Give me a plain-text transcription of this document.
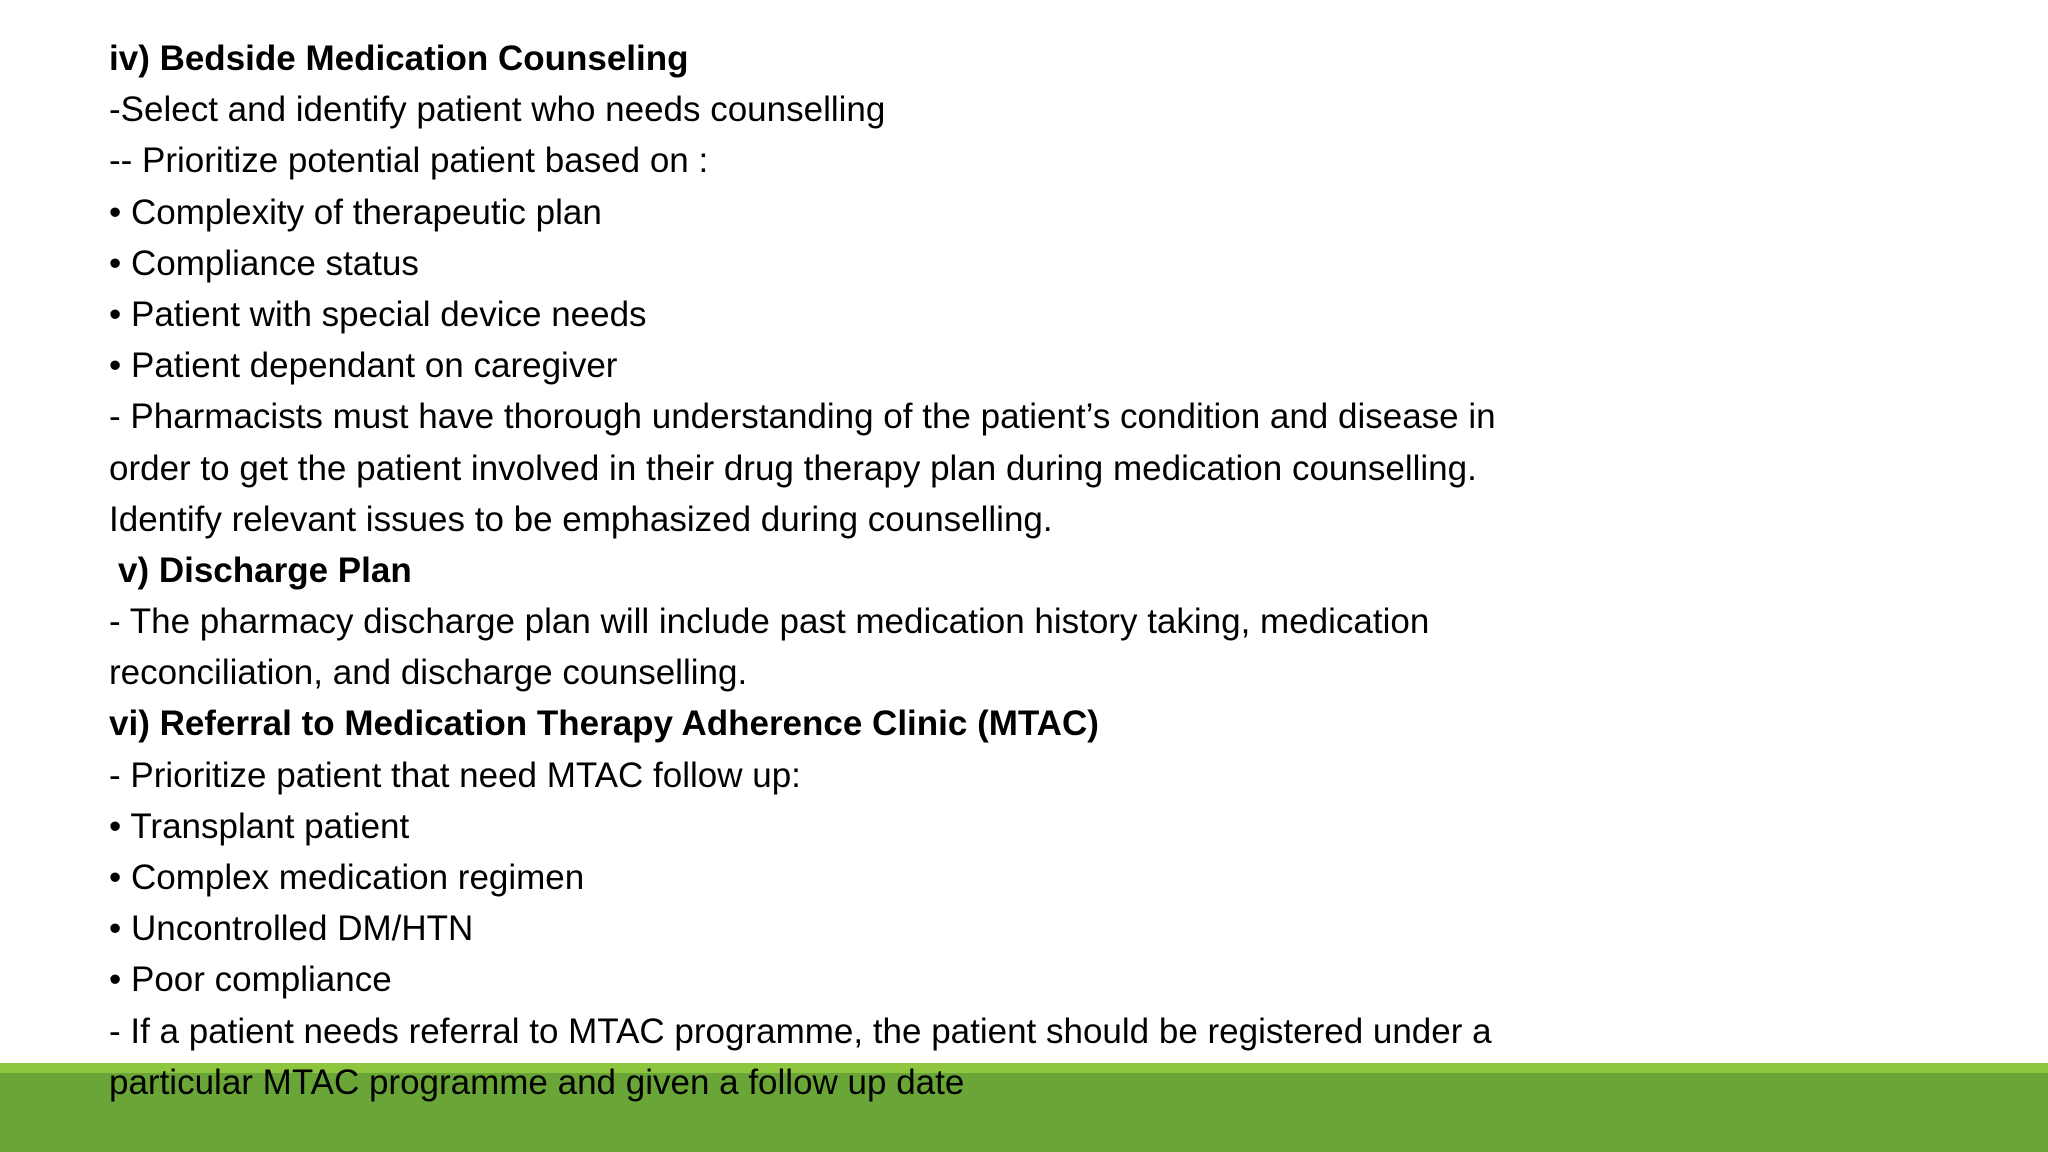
iv) Bedside Medication Counseling
-Select and identify patient who needs counselling
-- Prioritize potential patient based on :
• Complexity of therapeutic plan
• Compliance status
• Patient with special device needs
• Patient dependant on caregiver
- Pharmacists must have thorough understanding of the patient’s condition and disease in
order to get the patient involved in their drug therapy plan during medication counselling.
Identify relevant issues to be emphasized during counselling.
v) Discharge Plan
- The pharmacy discharge plan will include past medication history taking, medication
reconciliation, and discharge counselling.
vi) Referral to Medication Therapy Adherence Clinic (MTAC)
- Prioritize patient that need MTAC follow up:
• Transplant patient
• Complex medication regimen
• Uncontrolled DM/HTN
• Poor compliance
- If a patient needs referral to MTAC programme, the patient should be registered under a
particular MTAC programme and given a follow up date
